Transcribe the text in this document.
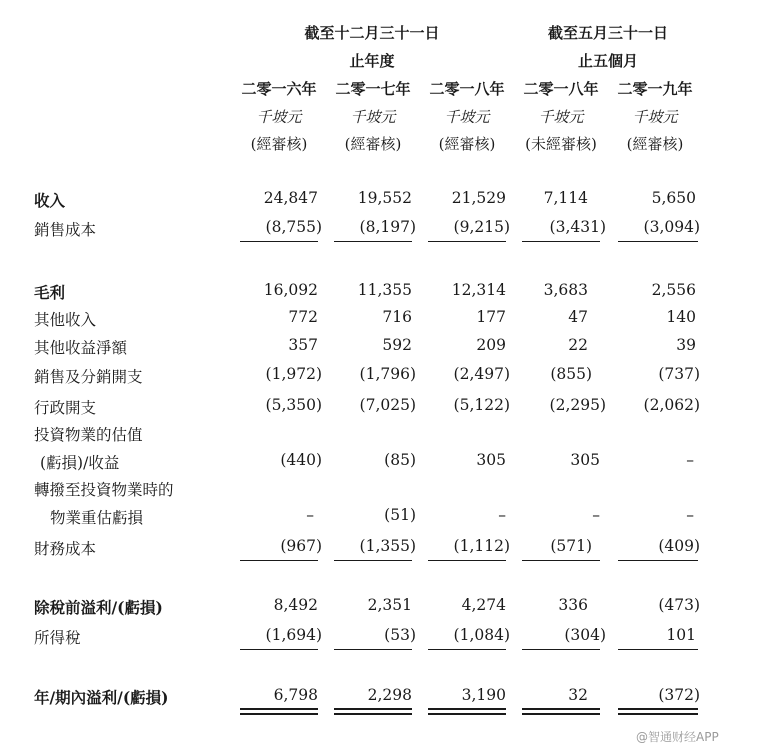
截至十二月三十一日
止年度
截至五月三十一日
止五個月
二零一六年	二零一七年	二零一八年	二零一八年	二零一九年
千坡元	千坡元	千坡元	千坡元	千坡元
(經審核)	(經審核)	(經審核)	(未經審核)	(經審核)
收入	24,847	19,552	21,529	7,114	5,650
銷售成本	(8,755)	(8,197)	(9,215)	(3,431)	(3,094)
毛利	16,092	11,355	12,314	3,683	2,556
其他收入	772	716	177	47	140
其他收益淨額	357	592	209	22	39
銷售及分銷開支	(1,972)	(1,796)	(2,497)	(855)	(737)
行政開支	(5,350)	(7,025)	(5,122)	(2,295)	(2,062)
投資物業的估值
(虧損)/收益	(440)	(85)	305	305	–
轉撥至投資物業時的
物業重估虧損	–	(51)	–	–	–
財務成本	(967)	(1,355)	(1,112)	(571)	(409)
除稅前溢利/(虧損)	8,492	2,351	4,274	336	(473)
所得稅	(1,694)	(53)	(1,084)	(304)	101
年/期內溢利/(虧損)	6,798	2,298	3,190	32	(372)
@智通财经APP
